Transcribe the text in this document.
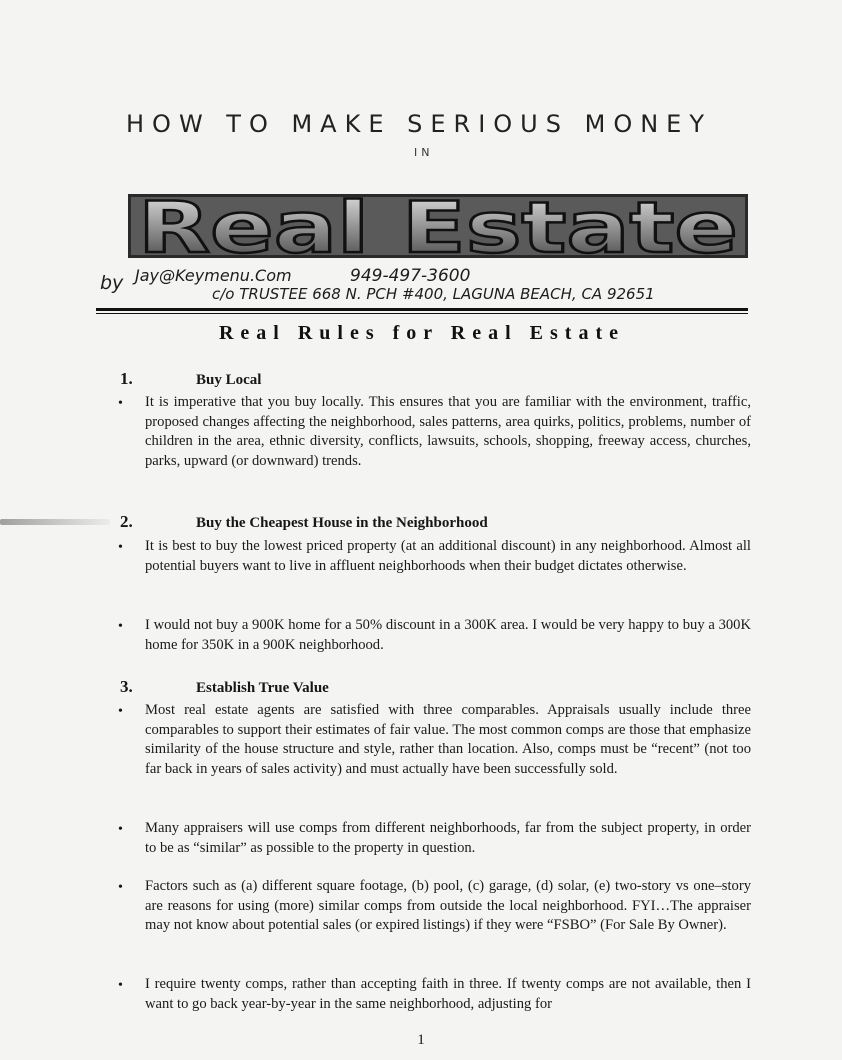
HOW TO MAKE SERIOUS MONEY
IN
Real Estate
by Jay@Keymenu.Com	949-497-3600
c/o TRUSTEE 668 N. PCH #400, LAGUNA BEACH, CA 92651
Real Rules for Real Estate
1.	Buy Local
• It is imperative that you buy locally. This ensures that you are familiar with the environment, traffic, proposed changes affecting the neighborhood, sales patterns, area quirks, politics, problems, number of children in the area, ethnic diversity, conflicts, lawsuits, schools, shopping, freeway access, churches, parks, upward (or downward) trends.
2.	Buy the Cheapest House in the Neighborhood
• It is best to buy the lowest priced property (at an additional discount) in any neighborhood. Almost all potential buyers want to live in affluent neighborhoods when their budget dictates otherwise.
• I would not buy a 900K home for a 50% discount in a 300K area. I would be very happy to buy a 300K home for 350K in a 900K neighborhood.
3.	Establish True Value
• Most real estate agents are satisfied with three comparables. Appraisals usually include three comparables to support their estimates of fair value. The most common comps are those that emphasize similarity of the house structure and style, rather than location. Also, comps must be “recent” (not too far back in years of sales activity) and must actually have been successfully sold.
• Many appraisers will use comps from different neighborhoods, far from the subject property, in order to be as “similar” as possible to the property in question.
• Factors such as (a) different square footage, (b) pool, (c) garage, (d) solar, (e) two-story vs one–story are reasons for using (more) similar comps from outside the local neighborhood. FYI…The appraiser may not know about potential sales (or expired listings) if they were “FSBO” (For Sale By Owner).
• I require twenty comps, rather than accepting faith in three. If twenty comps are not available, then I want to go back year-by-year in the same neighborhood, adjusting for
1
